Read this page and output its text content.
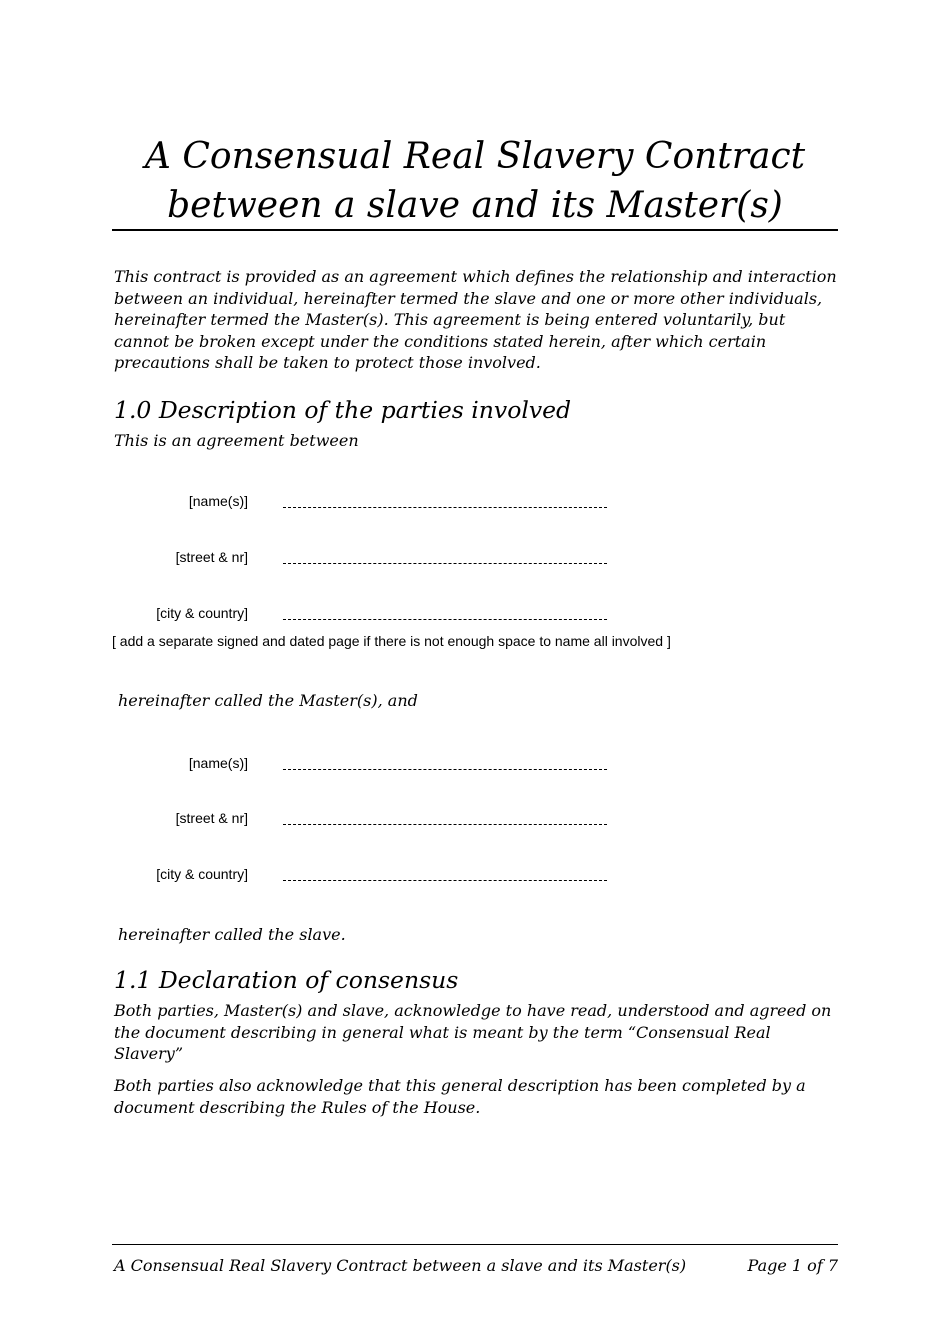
A Consensual Real Slavery Contract
between a slave and its Master(s)

This contract is provided as an agreement which defines the relationship and interaction between an individual, hereinafter termed the slave and one or more other individuals, hereinafter termed the Master(s). This agreement is being entered voluntarily, but cannot be broken except under the conditions stated herein, after which certain precautions shall be taken to protect those involved.

1.0 Description of the parties involved

This is an agreement between

[name(s)]
[street & nr]
[city & country]
[ add a separate signed and dated page if there is not enough space to name all involved ]

hereinafter called the Master(s), and

[name(s)]
[street & nr]
[city & country]

hereinafter called the slave.

1.1 Declaration of consensus

Both parties, Master(s) and slave, acknowledge to have read, understood and agreed on the document describing in general what is meant by the term “Consensual Real Slavery”

Both parties also acknowledge that this general description has been completed by a document describing the Rules of the House.

A Consensual Real Slavery Contract between a slave and its Master(s)	Page 1 of 7
